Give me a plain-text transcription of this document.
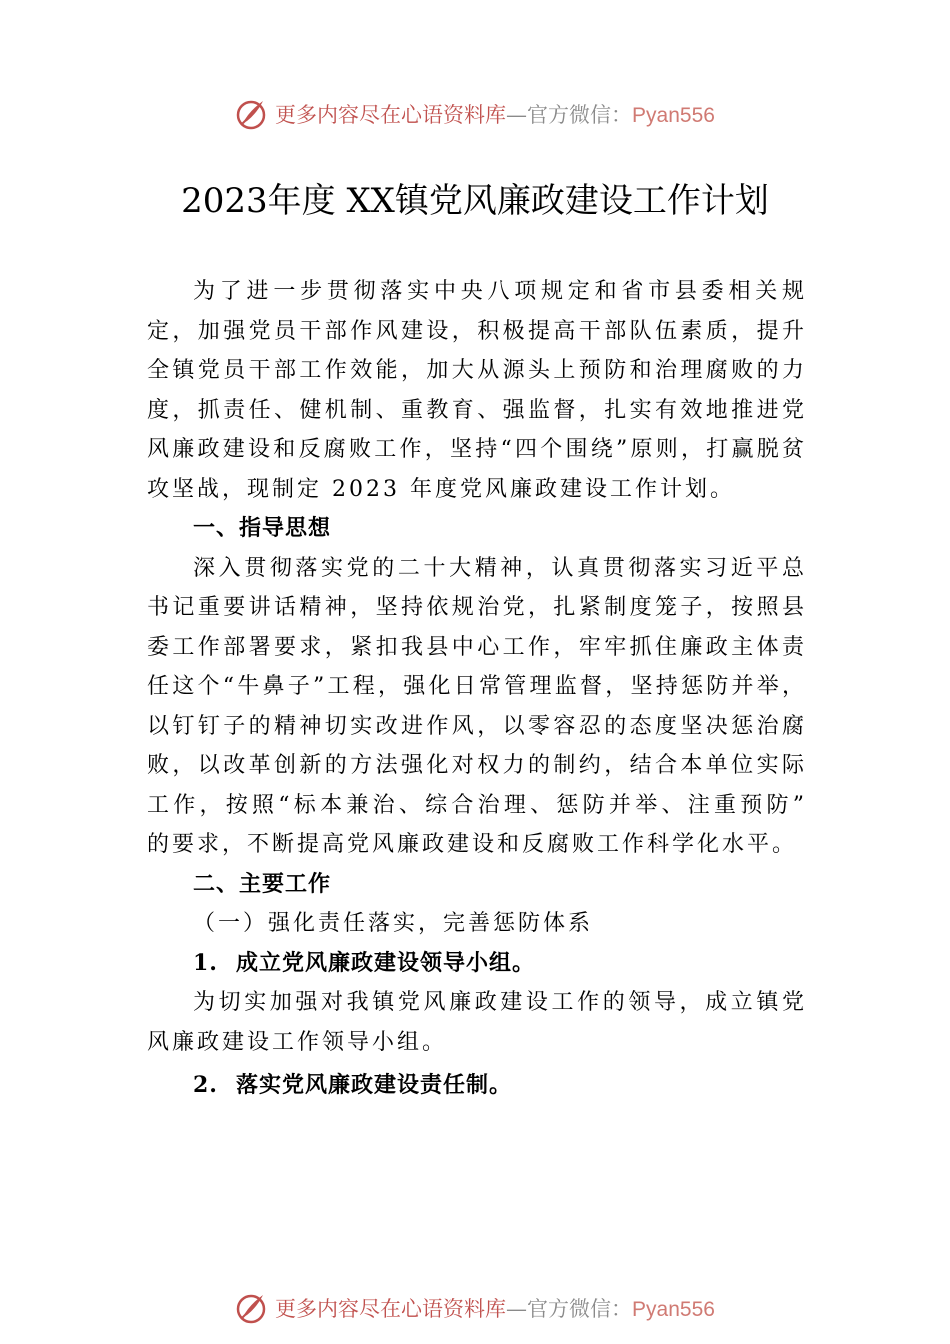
更多内容尽在心语资料库—官方微信：Pyan556
2023年度 XX镇党风廉政建设工作计划

为了进一步贯彻落实中央八项规定和省市县委相关规定，加强党员干部作风建设，积极提高干部队伍素质，提升全镇党员干部工作效能，加大从源头上预防和治理腐败的力度，抓责任、健机制、重教育、强监督，扎实有效地推进党风廉政建设和反腐败工作，坚持“四个围绕”原则，打赢脱贫攻坚战，现制定 2023 年度党风廉政建设工作计划。

一、指导思想

深入贯彻落实党的二十大精神，认真贯彻落实习近平总书记重要讲话精神，坚持依规治党，扎紧制度笼子，按照县委工作部署要求，紧扣我县中心工作，牢牢抓住廉政主体责任这个“牛鼻子”工程，强化日常管理监督，坚持惩防并举，以钉钉子的精神切实改进作风，以零容忍的态度坚决惩治腐败，以改革创新的方法强化对权力的制约，结合本单位实际工作，按照“标本兼治、综合治理、惩防并举、注重预防” 的要求，不断提高党风廉政建设和反腐败工作科学化水平。

二、主要工作

（一）强化责任落实，完善惩防体系

1. 成立党风廉政建设领导小组。

为切实加强对我镇党风廉政建设工作的领导，成立镇党风廉政建设工作领导小组。

2. 落实党风廉政建设责任制。

更多内容尽在心语资料库—官方微信：Pyan556
